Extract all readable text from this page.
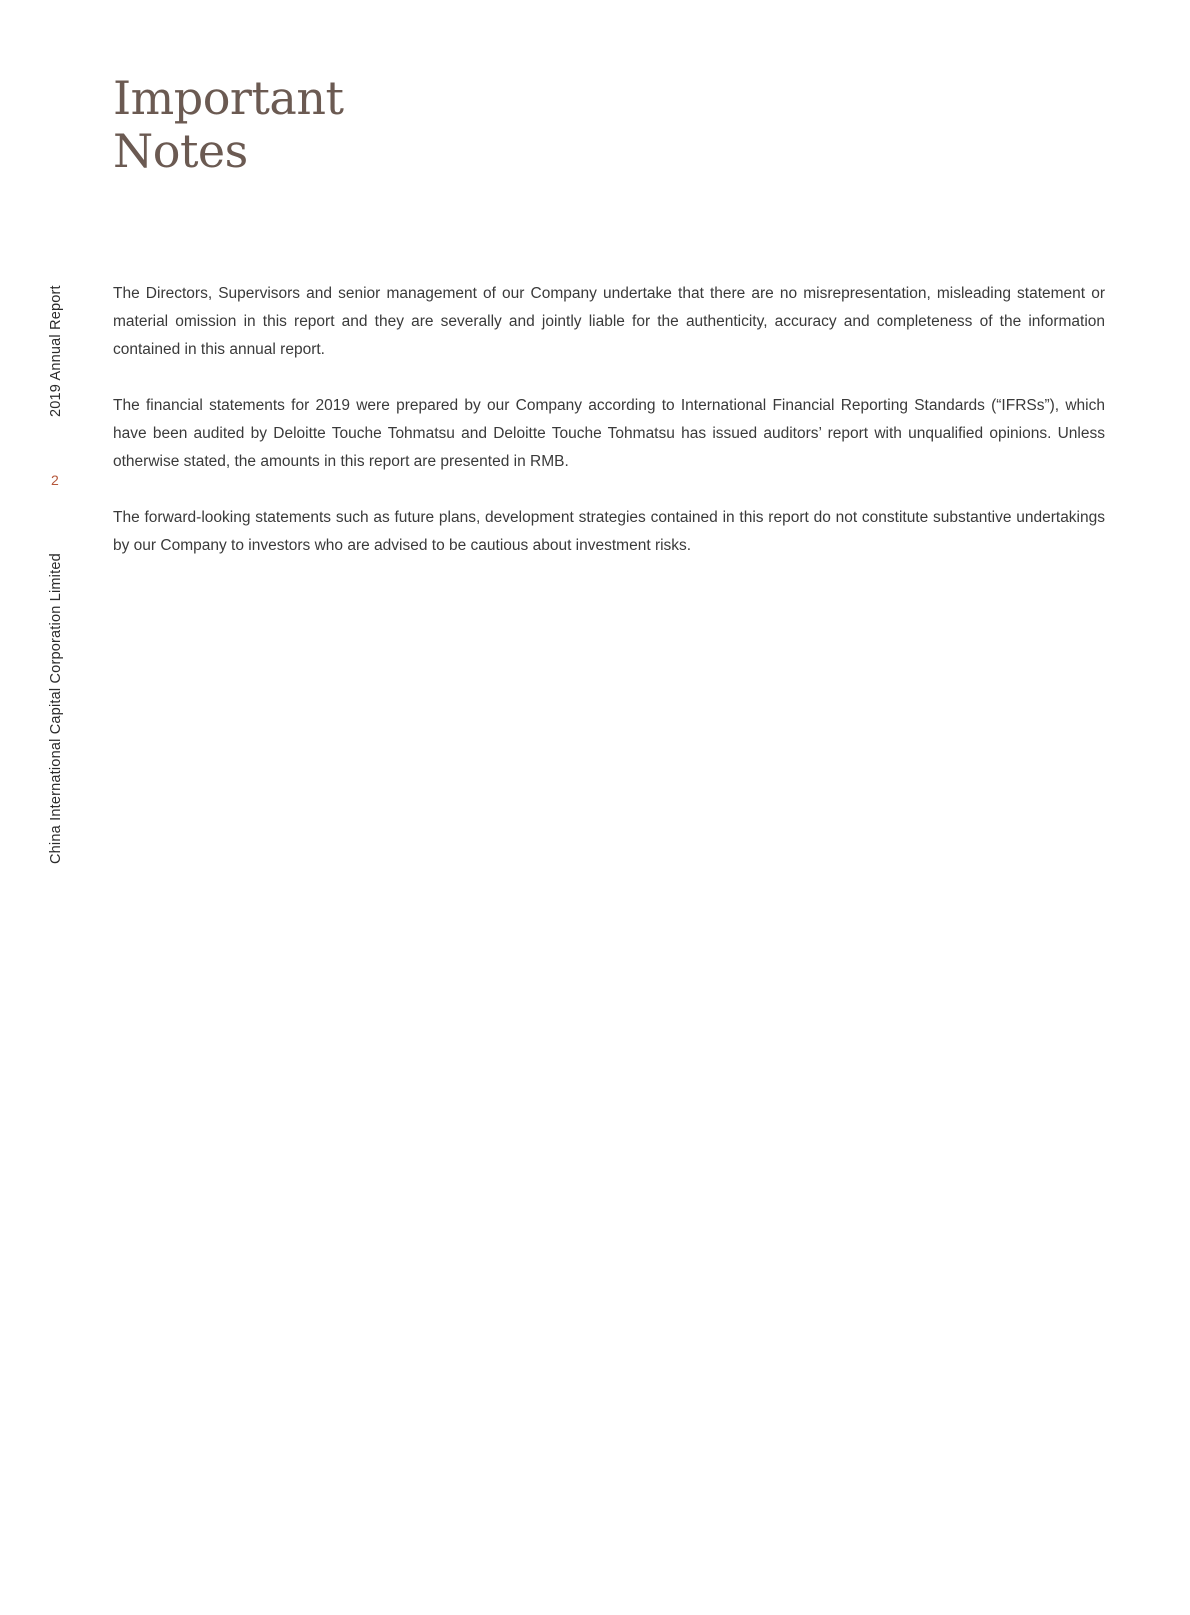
Important
Notes
2019 Annual Report
2
China International Capital Corporation Limited

The Directors, Supervisors and senior management of our Company undertake that there are no misrepresentation, misleading statement or material omission in this report and they are severally and jointly liable for the authenticity, accuracy and completeness of the information contained in this annual report.

The financial statements for 2019 were prepared by our Company according to International Financial Reporting Standards (“IFRSs”), which have been audited by Deloitte Touche Tohmatsu and Deloitte Touche Tohmatsu has issued auditors’ report with unqualified opinions. Unless otherwise stated, the amounts in this report are presented in RMB.

The forward-looking statements such as future plans, development strategies contained in this report do not constitute substantive undertakings by our Company to investors who are advised to be cautious about investment risks.
